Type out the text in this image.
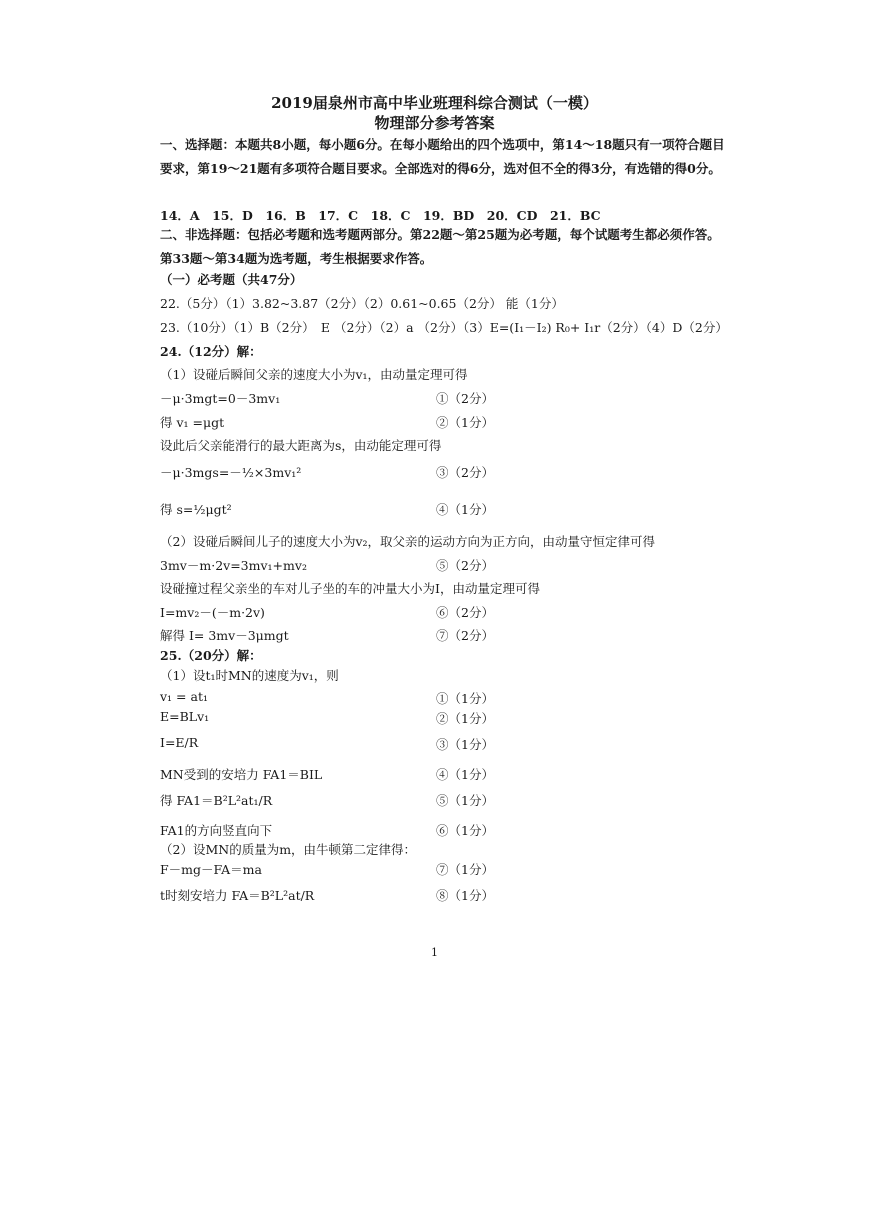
2019届泉州市高中毕业班理科综合测试（一模）
物理部分参考答案
一、选择题：本题共8小题，每小题6分。在每小题给出的四个选项中，第14～18题只有一项符合题目要求，第19～21题有多项符合题目要求。全部选对的得6分，选对但不全的得3分，有选错的得0分。
14．A　15．D　16．B　17．C　18．C　19．BD　20．CD　21．BC
二、非选择题：包括必考题和选考题两部分。第22题～第25题为必考题，每个试题考生都必须作答。第33题～第34题为选考题，考生根据要求作答。
（一）必考题（共47分）
22.（5分）（1）3.82~3.87（2分）（2）0.61~0.65（2分） 能（1分）
23.（10分）（1）B（2分）　E （2分）（2）a （2分）（3）E=(I₁－I₂) R₀+ I₁r（2分）（4）D（2分）
24.（12分）解：
（1）设碰后瞬间父亲的速度大小为v₁，由动量定理可得
－μ·3mgt=0－3mv₁	①（2分）
得 v₁ =μgt	②（1分）
设此后父亲能滑行的最大距离为s，由动能定理可得
－μ·3mgs=－½×3mv₁²	③（2分）
得 s=½μgt²	④（1分）
（2）设碰后瞬间儿子的速度大小为v₂，取父亲的运动方向为正方向，由动量守恒定律可得
3mv－m·2v=3mv₁+mv₂	⑤（2分）
设碰撞过程父亲坐的车对儿子坐的车的冲量大小为I，由动量定理可得
I=mv₂－(－m·2v)	⑥（2分）
解得 I= 3mv－3μmgt	⑦（2分）
25.（20分）解：
（1）设t₁时MN的速度为v₁，则
v₁ = at₁	①（1分）
E=BLv₁	②（1分）
I=E/R	③（1分）
MN受到的安培力 FA1＝BIL	④（1分）
得 FA1＝B²L²at₁/R	⑤（1分）
FA1的方向竖直向下	⑥（1分）
（2）设MN的质量为m，由牛顿第二定律得：
F－mg－FA＝ma	⑦（1分）
t时刻安培力 FA＝B²L²at/R	⑧（1分）
1
